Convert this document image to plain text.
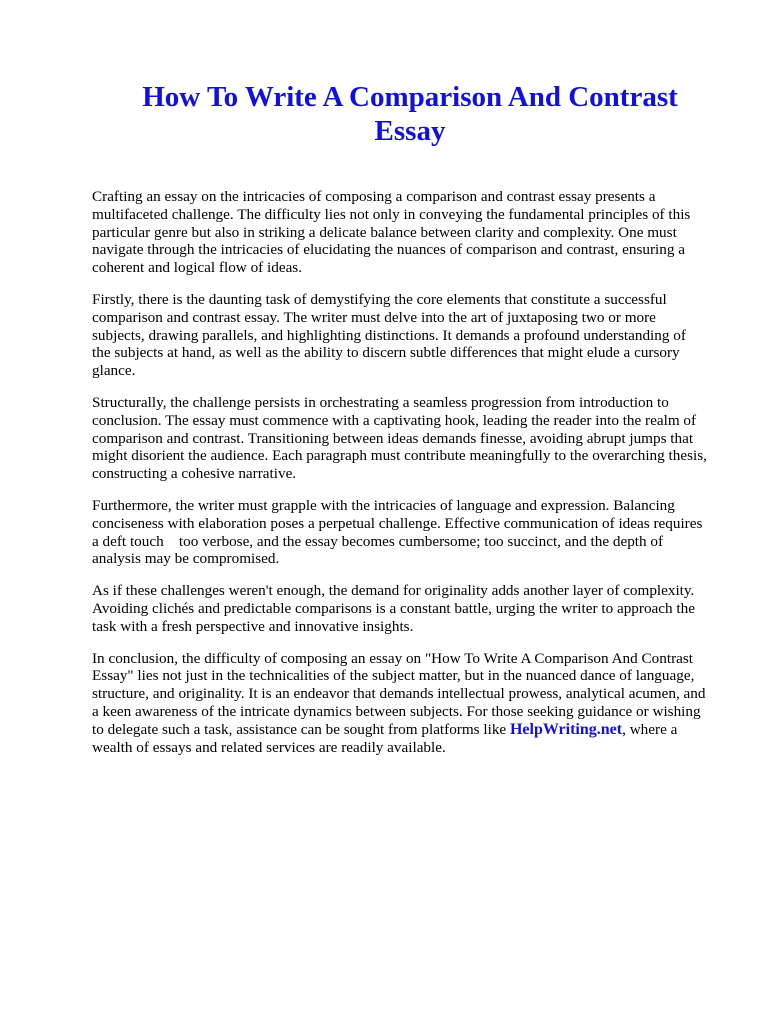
How To Write A Comparison And Contrast Essay

Crafting an essay on the intricacies of composing a comparison and contrast essay presents a multifaceted challenge. The difficulty lies not only in conveying the fundamental principles of this particular genre but also in striking a delicate balance between clarity and complexity. One must navigate through the intricacies of elucidating the nuances of comparison and contrast, ensuring a coherent and logical flow of ideas.

Firstly, there is the daunting task of demystifying the core elements that constitute a successful comparison and contrast essay. The writer must delve into the art of juxtaposing two or more subjects, drawing parallels, and highlighting distinctions. It demands a profound understanding of the subjects at hand, as well as the ability to discern subtle differences that might elude a cursory glance.

Structurally, the challenge persists in orchestrating a seamless progression from introduction to conclusion. The essay must commence with a captivating hook, leading the reader into the realm of comparison and contrast. Transitioning between ideas demands finesse, avoiding abrupt jumps that might disorient the audience. Each paragraph must contribute meaningfully to the overarching thesis, constructing a cohesive narrative.

Furthermore, the writer must grapple with the intricacies of language and expression. Balancing conciseness with elaboration poses a perpetual challenge. Effective communication of ideas requires a deft touch    too verbose, and the essay becomes cumbersome; too succinct, and the depth of analysis may be compromised.

As if these challenges weren't enough, the demand for originality adds another layer of complexity. Avoiding clichés and predictable comparisons is a constant battle, urging the writer to approach the task with a fresh perspective and innovative insights.

In conclusion, the difficulty of composing an essay on "How To Write A Comparison And Contrast Essay" lies not just in the technicalities of the subject matter, but in the nuanced dance of language, structure, and originality. It is an endeavor that demands intellectual prowess, analytical acumen, and a keen awareness of the intricate dynamics between subjects. For those seeking guidance or wishing to delegate such a task, assistance can be sought from platforms like HelpWriting.net, where a wealth of essays and related services are readily available.
